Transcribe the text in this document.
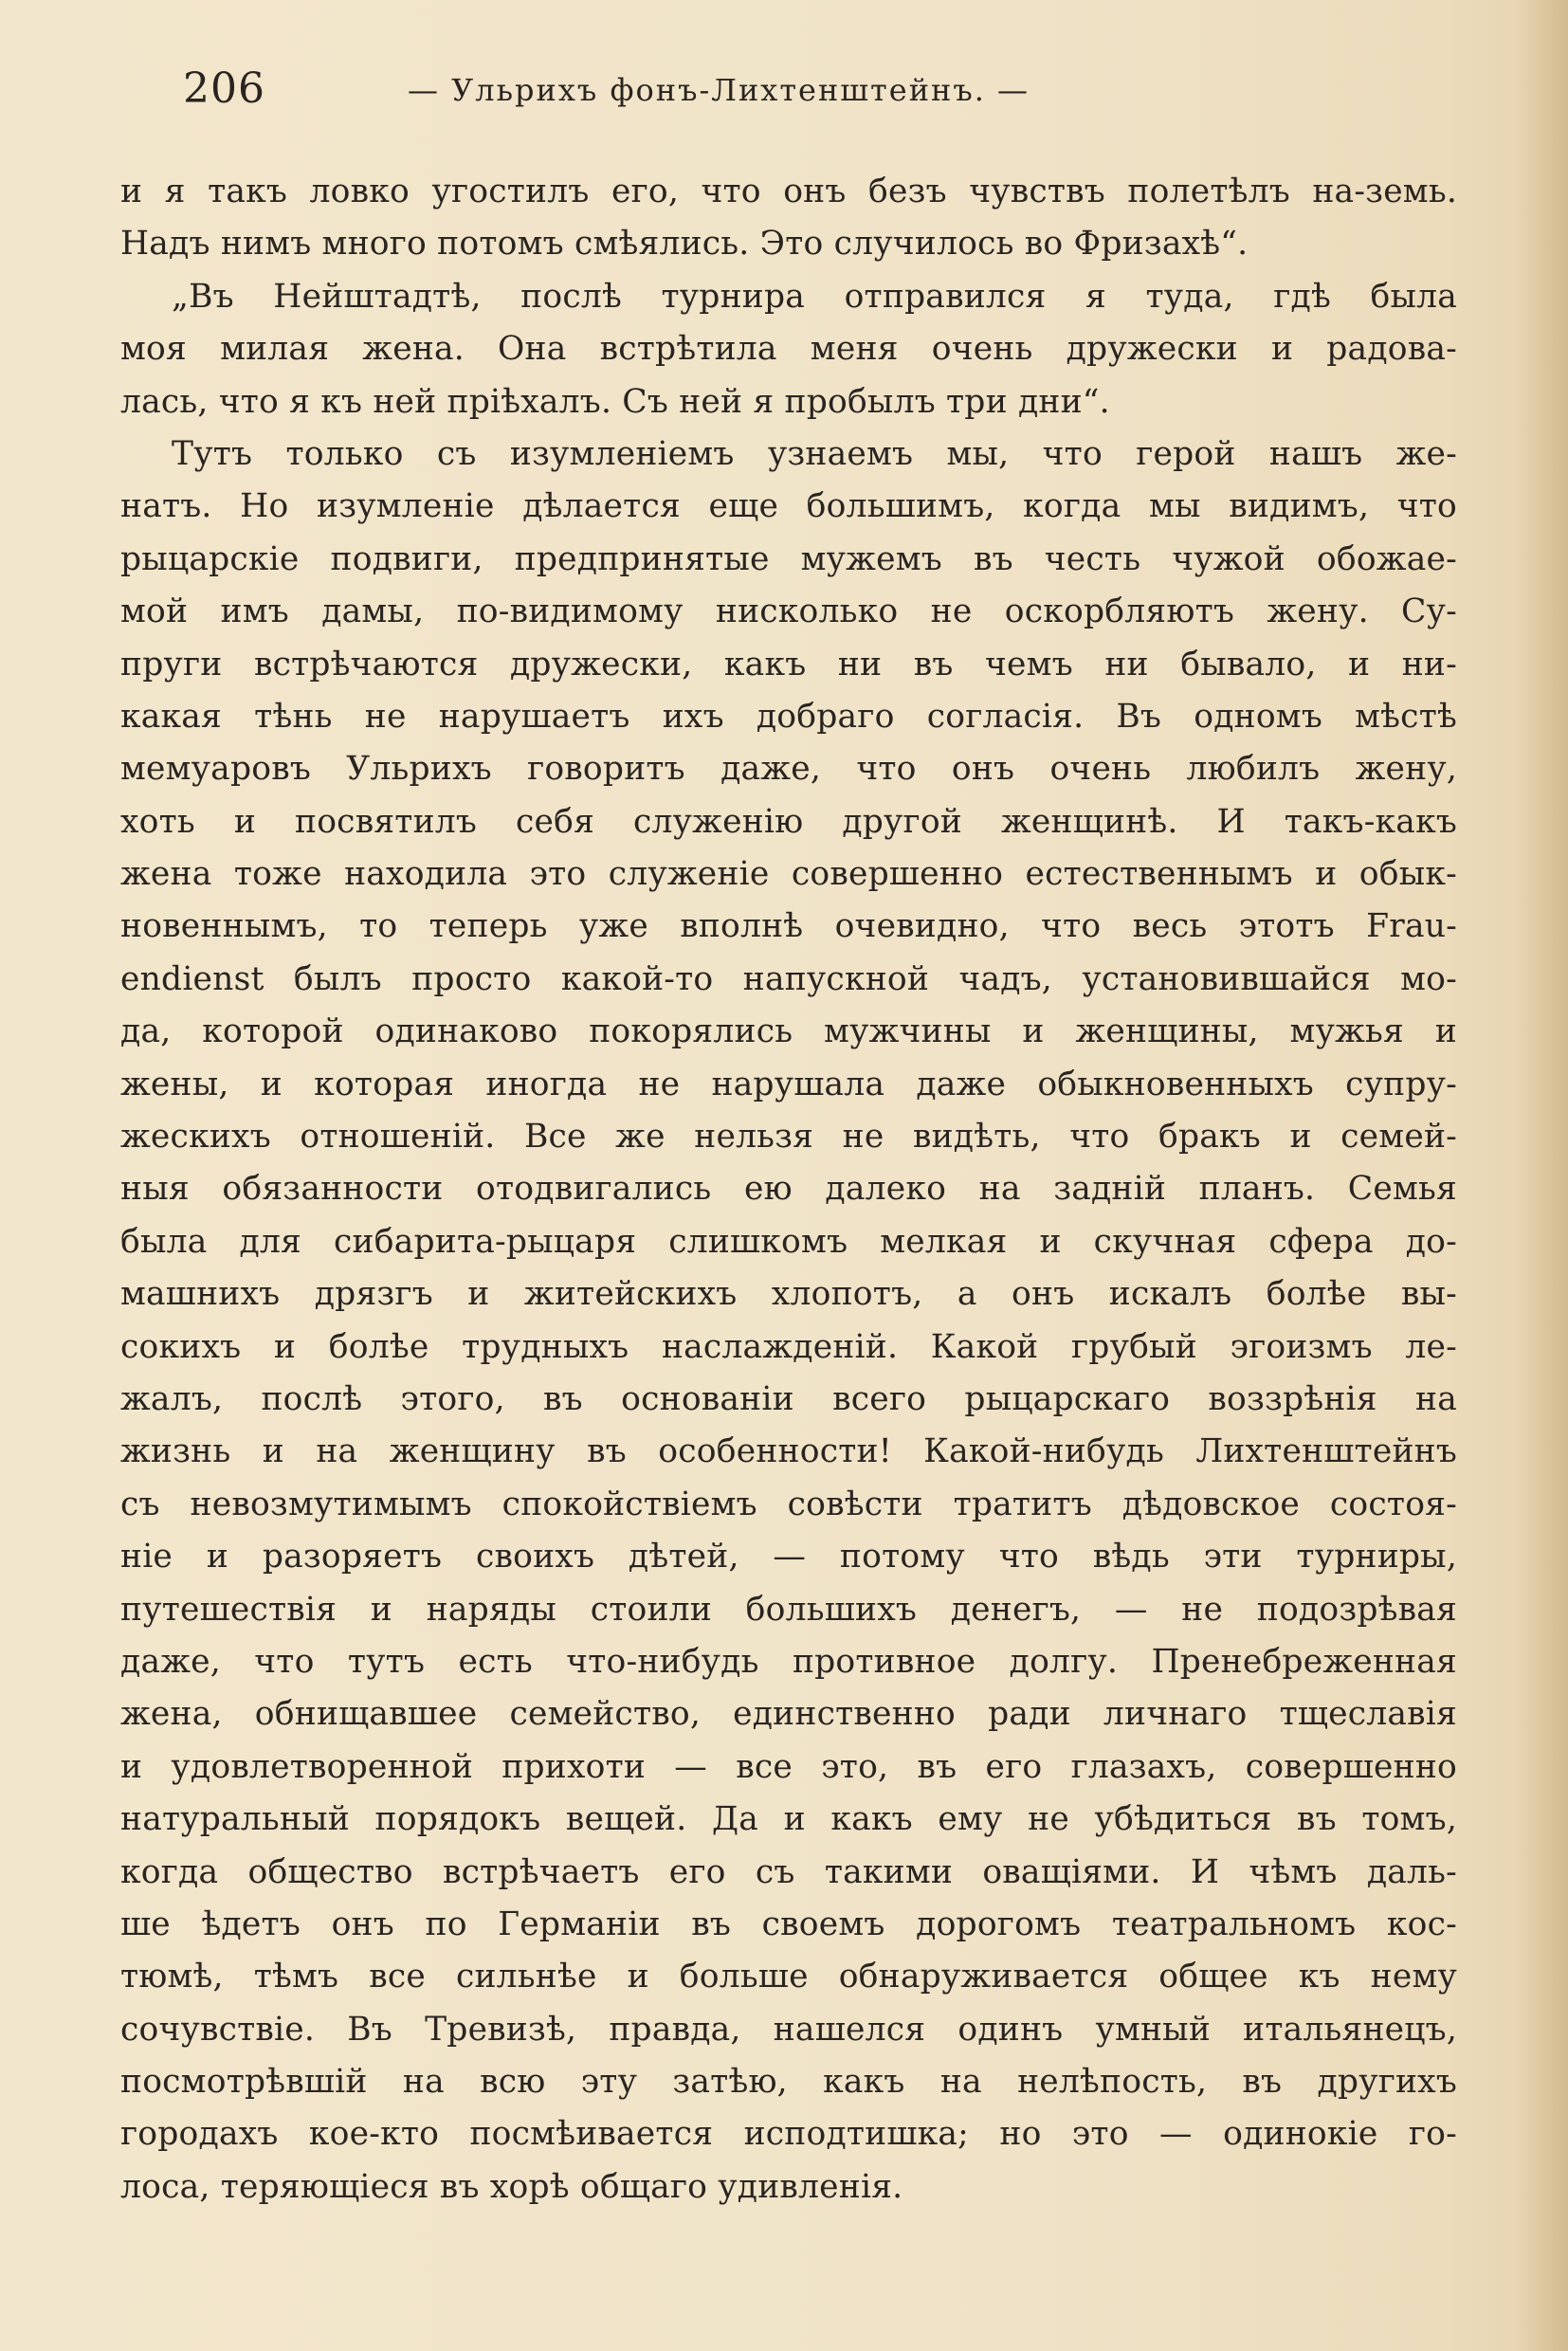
206	— Ульрихъ фонъ-Лихтенштейнъ. —
и я такъ ловко угостилъ его, что онъ безъ чувствъ полетѣлъ на-земь.
Надъ нимъ много потомъ смѣялись. Это случилось во Фризахѣ“.
„Въ Нейштадтѣ, послѣ турнира отправился я туда, гдѣ была
моя милая жена. Она встрѣтила меня очень дружески и радова-
лась, что я къ ней прiѣхалъ. Съ ней я пробылъ три дни“.
Тутъ только съ изумленiемъ узнаемъ мы, что герой нашъ же-
натъ. Но изумленiе дѣлается еще большимъ, когда мы видимъ, что
рыцарскiе подвиги, предпринятые мужемъ въ честь чужой обожае-
мой имъ дамы, по-видимому нисколько не оскорбляютъ жену. Су-
пруги встрѣчаются дружески, какъ ни въ чемъ ни бывало, и ни-
какая тѣнь не нарушаетъ ихъ добраго согласiя. Въ одномъ мѣстѣ
мемуаровъ Ульрихъ говоритъ даже, что онъ очень любилъ жену,
хоть и посвятилъ себя служенiю другой женщинѣ. И такъ-какъ
жена тоже находила это служенiе совершенно естественнымъ и обык-
новеннымъ, то теперь уже вполнѣ очевидно, что весь этотъ Frau-
endienst былъ просто какой-то напускной чадъ, установившайся мо-
да, которой одинаково покорялись мужчины и женщины, мужья и
жены, и которая иногда не нарушала даже обыкновенныхъ супру-
жескихъ отношенiй. Все же нельзя не видѣть, что бракъ и семей-
ныя обязанности отодвигались ею далеко на заднiй планъ. Семья
была для сибарита-рыцаря слишкомъ мелкая и скучная сфера до-
машнихъ дрязгъ и житейскихъ хлопотъ, а онъ искалъ болѣе вы-
сокихъ и болѣе трудныхъ наслажденiй. Какой грубый эгоизмъ ле-
жалъ, послѣ этого, въ основанiи всего рыцарскаго воззрѣнiя на
жизнь и на женщину въ особенности! Какой-нибудь Лихтенштейнъ
съ невозмутимымъ спокойствiемъ совѣсти тратитъ дѣдовское состоя-
нiе и разоряетъ своихъ дѣтей, — потому что вѣдь эти турниры,
путешествiя и наряды стоили большихъ денегъ, — не подозрѣвая
даже, что тутъ есть что-нибудь противное долгу. Пренебреженная
жена, обнищавшее семейство, единственно ради личнаго тщеславiя
и удовлетворенной прихоти — все это, въ его глазахъ, совершенно
натуральный порядокъ вещей. Да и какъ ему не убѣдиться въ томъ,
когда общество встрѣчаетъ его съ такими оващiями. И чѣмъ даль-
ше ѣдетъ онъ по Германiи въ своемъ дорогомъ театральномъ кос-
тюмѣ, тѣмъ все сильнѣе и больше обнаруживается общее къ нему
сочувствiе. Въ Тревизѣ, правда, нашелся одинъ умный итальянецъ,
посмотрѣвшiй на всю эту затѣю, какъ на нелѣпость, въ другихъ
городахъ кое-кто посмѣивается исподтишка; но это — одинокiе го-
лоса, теряющiеся въ хорѣ общаго удивленiя.
